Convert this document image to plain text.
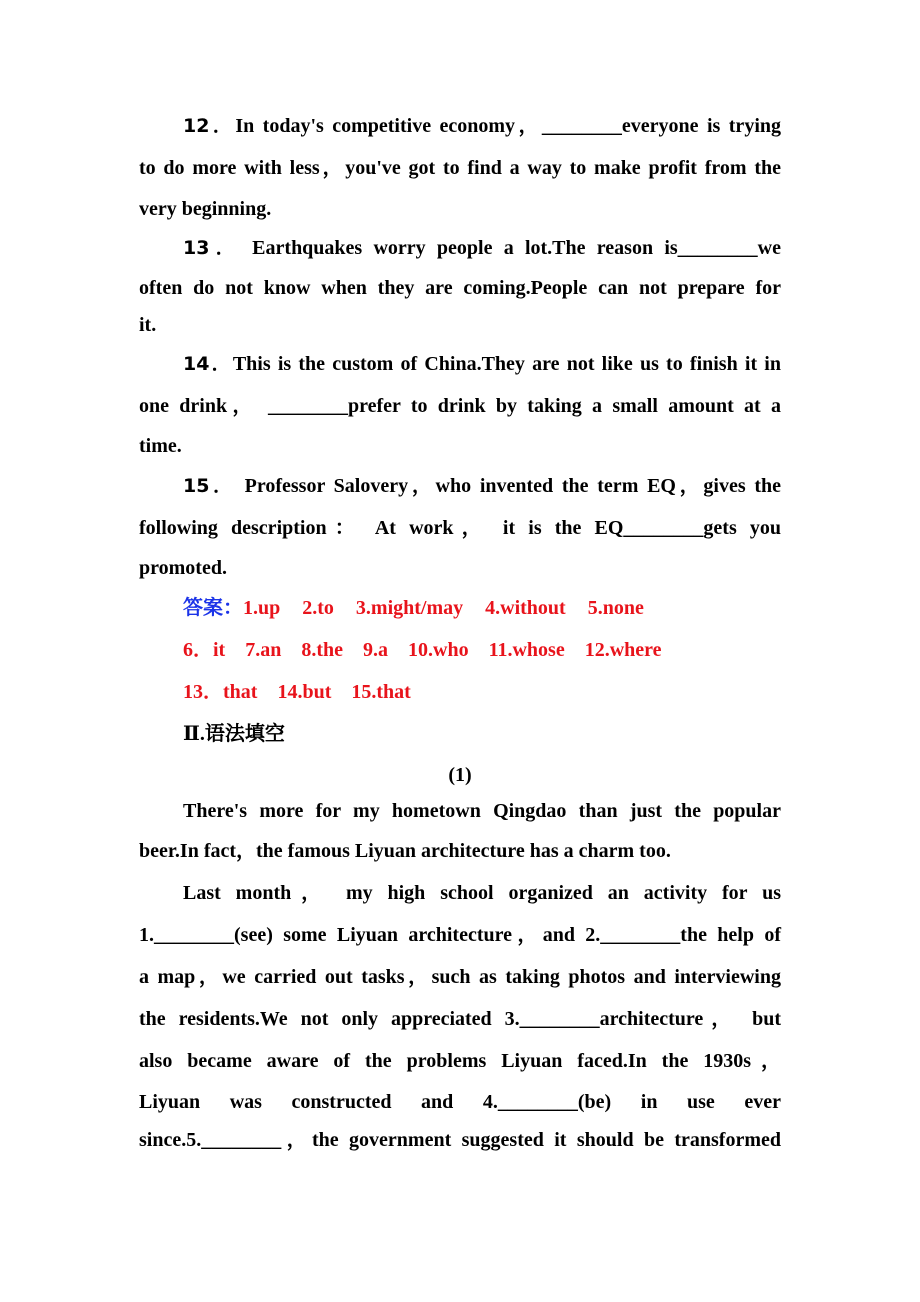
12．In today's competitive economy，________everyone is trying
to do more with less，you've got to find a way to make profit from the
very beginning.
13． Earthquakes worry people a lot.The reason is________we
often do not know when they are coming.People can not prepare for
it.
14．This is the custom of China.They are not like us to finish it in
one drink， ________prefer to drink by taking a small amount at a
time.
15． Professor Salovery，who invented the term EQ，gives the
following description： At work， it is the EQ________gets you
promoted.
答案：1.up 2.to 3.might/may 4.without 5.none
6．it 7.an 8.the 9.a 10.who 11.whose 12.where
13．that 14.but 15.that
Ⅱ.语法填空
(1)
There's more for my hometown Qingdao than just the popular
beer.In fact，the famous Liyuan architecture has a charm too.
Last month， my high school organized an activity for us
1.________(see) some Liyuan architecture，and 2.________the help of
a map，we carried out tasks，such as taking photos and interviewing
the residents.We not only appreciated 3.________architecture， but
also became aware of the problems Liyuan faced.In the 1930s，
Liyuan was constructed and 4.________(be) in use ever
since.5.________，the government suggested it should be transformed
